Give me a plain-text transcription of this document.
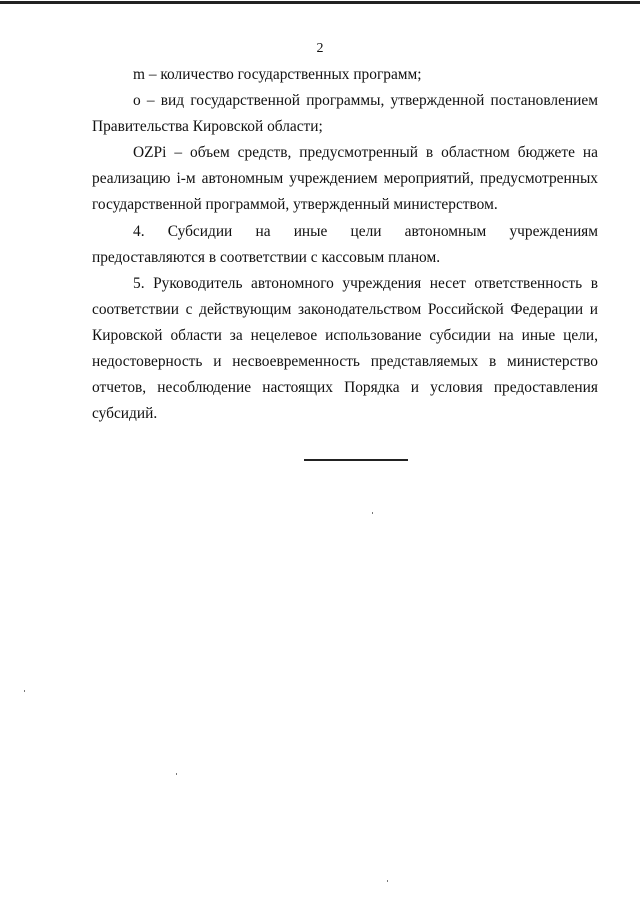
2

m – количество государственных программ;

o – вид государственной программы, утвержденной постановлением Правительства Кировской области;

OZPi – объем средств, предусмотренный в областном бюджете на реализацию i-м автономным учреждением мероприятий, предусмотренных государственной программой, утвержденный министерством.

4. Субсидии на иные цели автономным учреждениям предоставляются в соответствии с кассовым планом.

5. Руководитель автономного учреждения несет ответственность в соответствии с действующим законодательством Российской Федерации и Кировской области за нецелевое использование субсидии на иные цели, недостоверность и несвоевременность представляемых в министерство отчетов, несоблюдение настоящих Порядка и условия предоставления субсидий.
